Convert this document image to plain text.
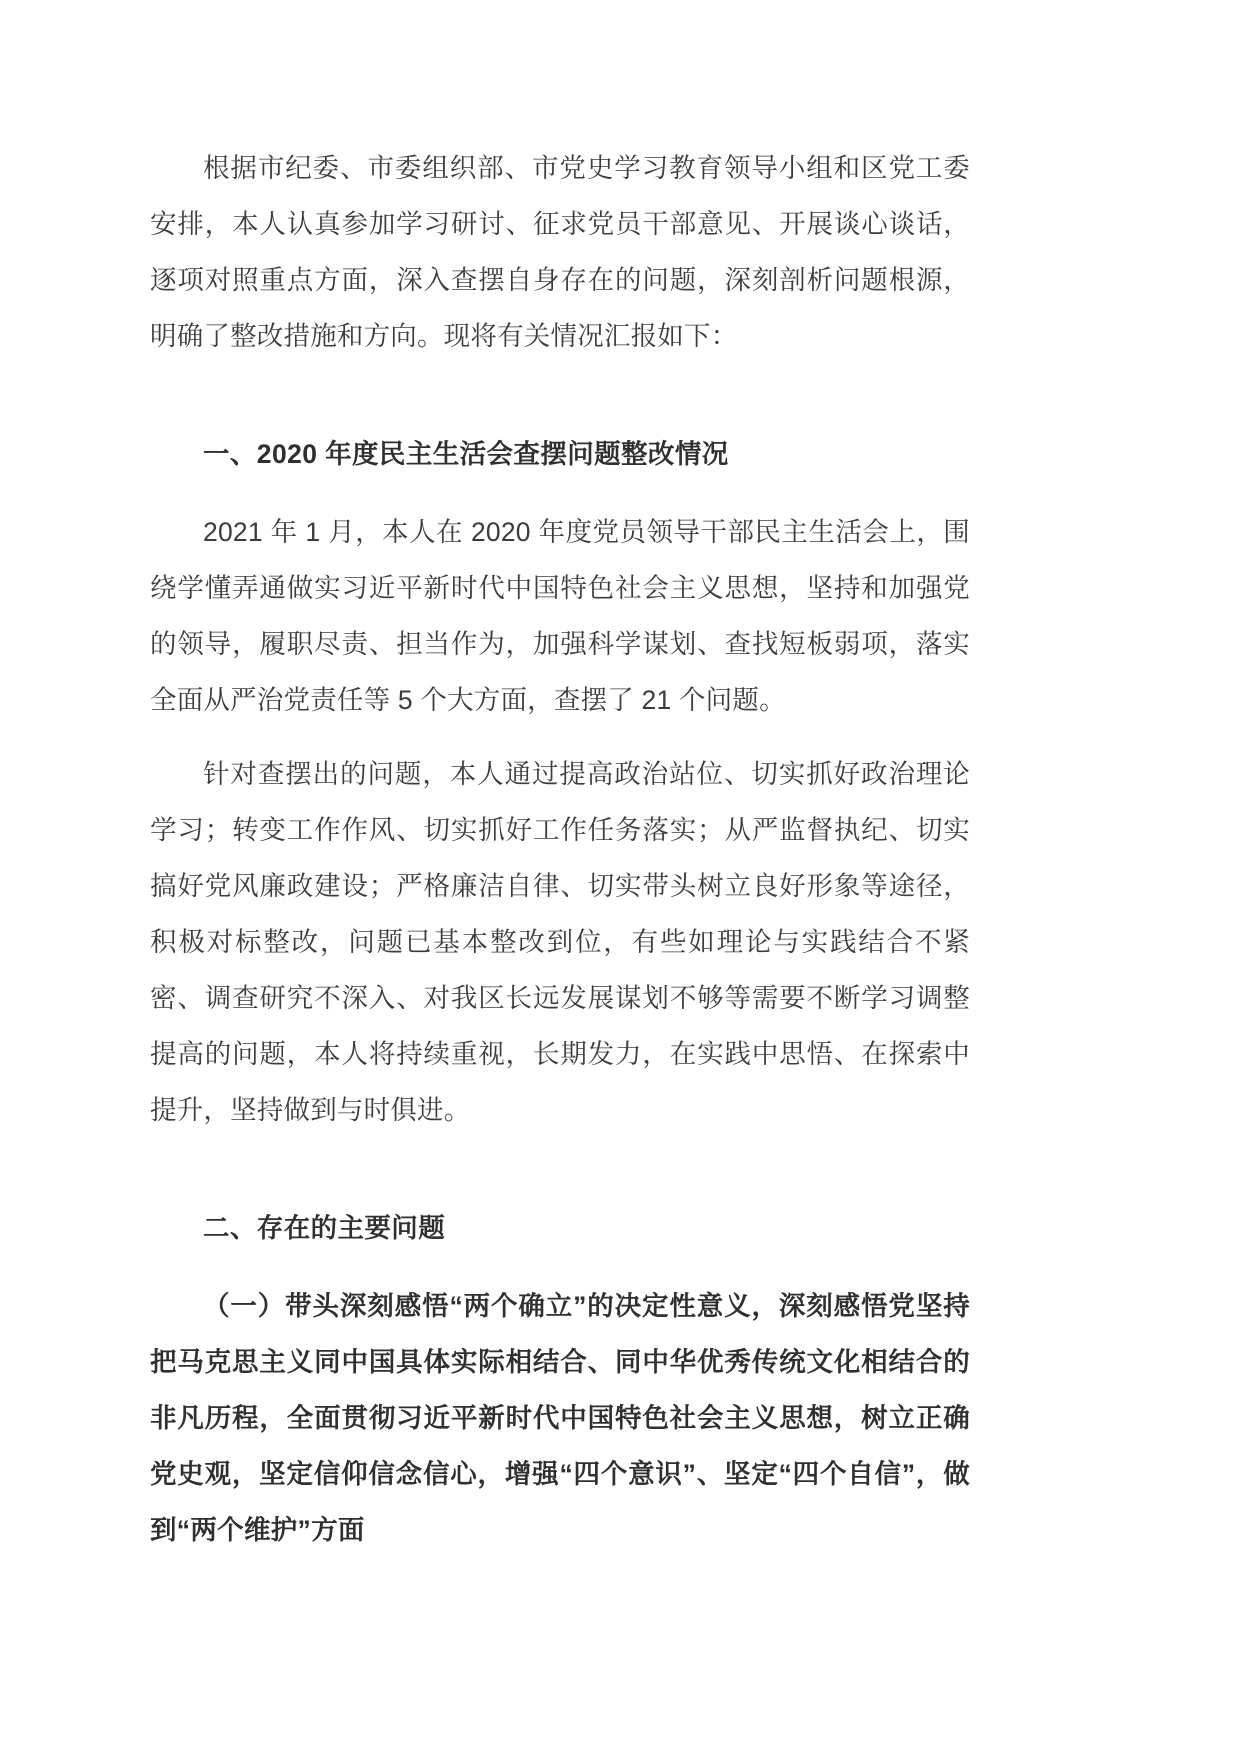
根据市纪委、市委组织部、市党史学习教育领导小组和区党工委安排，本人认真参加学习研讨、征求党员干部意见、开展谈心谈话，逐项对照重点方面，深入查摆自身存在的问题，深刻剖析问题根源，明确了整改措施和方向。现将有关情况汇报如下：

一、2020 年度民主生活会查摆问题整改情况

2021 年 1 月，本人在 2020 年度党员领导干部民主生活会上，围绕学懂弄通做实习近平新时代中国特色社会主义思想，坚持和加强党的领导，履职尽责、担当作为，加强科学谋划、查找短板弱项，落实全面从严治党责任等 5 个大方面，查摆了 21 个问题。

针对查摆出的问题，本人通过提高政治站位、切实抓好政治理论学习；转变工作作风、切实抓好工作任务落实；从严监督执纪、切实搞好党风廉政建设；严格廉洁自律、切实带头树立良好形象等途径，积极对标整改，问题已基本整改到位，有些如理论与实践结合不紧密、调查研究不深入、对我区长远发展谋划不够等需要不断学习调整提高的问题，本人将持续重视，长期发力，在实践中思悟、在探索中提升，坚持做到与时俱进。

二、存在的主要问题

（一）带头深刻感悟“两个确立”的决定性意义，深刻感悟党坚持把马克思主义同中国具体实际相结合、同中华优秀传统文化相结合的非凡历程，全面贯彻习近平新时代中国特色社会主义思想，树立正确党史观，坚定信仰信念信心，增强“四个意识”、坚定“四个自信”，做到“两个维护”方面
